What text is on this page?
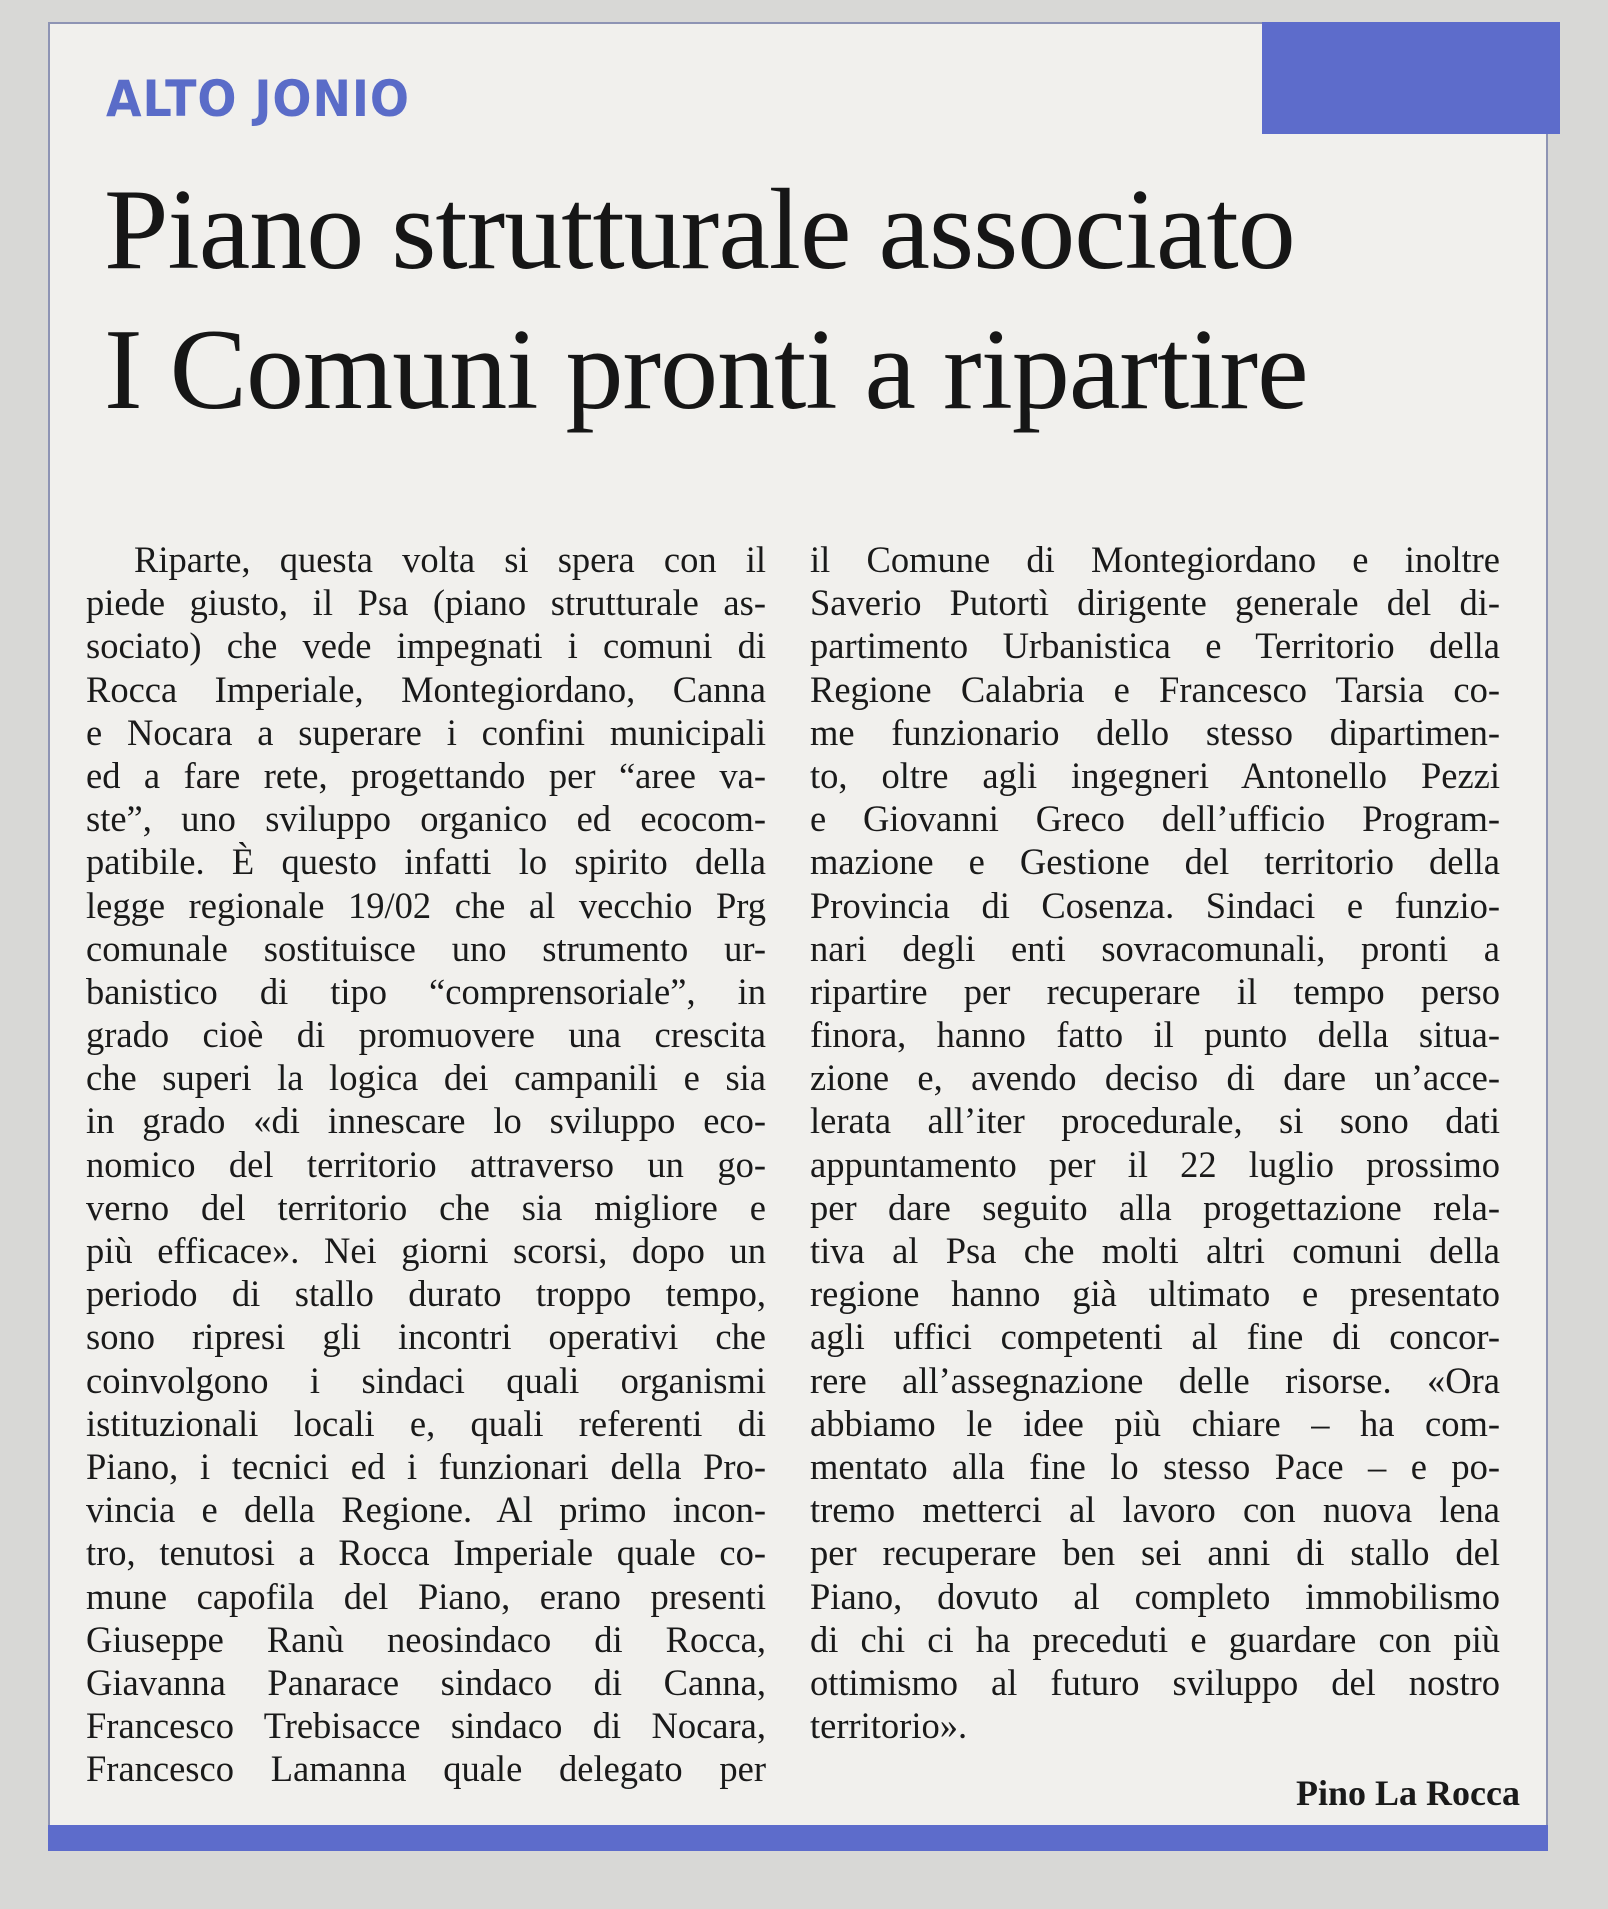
ALTO JONIO
Piano strutturale associato
I Comuni pronti a ripartire
Riparte, questa volta si spera con il
piede giusto, il Psa (piano strutturale as-
sociato) che vede impegnati i comuni di
Rocca Imperiale, Montegiordano, Canna
e Nocara a superare i confini municipali
ed a fare rete, progettando per “aree va-
ste”, uno sviluppo organico ed ecocom-
patibile. È questo infatti lo spirito della
legge regionale 19/02 che al vecchio Prg
comunale sostituisce uno strumento ur-
banistico di tipo “comprensoriale”, in
grado cioè di promuovere una crescita
che superi la logica dei campanili e sia
in grado «di innescare lo sviluppo eco-
nomico del territorio attraverso un go-
verno del territorio che sia migliore e
più efficace». Nei giorni scorsi, dopo un
periodo di stallo durato troppo tempo,
sono ripresi gli incontri operativi che
coinvolgono i sindaci quali organismi
istituzionali locali e, quali referenti di
Piano, i tecnici ed i funzionari della Pro-
vincia e della Regione. Al primo incon-
tro, tenutosi a Rocca Imperiale quale co-
mune capofila del Piano, erano presenti
Giuseppe Ranù neosindaco di Rocca,
Giavanna Panarace sindaco di Canna,
Francesco Trebisacce sindaco di Nocara,
Francesco Lamanna quale delegato per
il Comune di Montegiordano e inoltre
Saverio Putortì dirigente generale del di-
partimento Urbanistica e Territorio della
Regione Calabria e Francesco Tarsia co-
me funzionario dello stesso dipartimen-
to, oltre agli ingegneri Antonello Pezzi
e Giovanni Greco dell’ufficio Program-
mazione e Gestione del territorio della
Provincia di Cosenza. Sindaci e funzio-
nari degli enti sovracomunali, pronti a
ripartire per recuperare il tempo perso
finora, hanno fatto il punto della situa-
zione e, avendo deciso di dare un’acce-
lerata all’iter procedurale, si sono dati
appuntamento per il 22 luglio prossimo
per dare seguito alla progettazione rela-
tiva al Psa che molti altri comuni della
regione hanno già ultimato e presentato
agli uffici competenti al fine di concor-
rere all’assegnazione delle risorse. «Ora
abbiamo le idee più chiare – ha com-
mentato alla fine lo stesso Pace – e po-
tremo metterci al lavoro con nuova lena
per recuperare ben sei anni di stallo del
Piano, dovuto al completo immobilismo
di chi ci ha preceduti e guardare con più
ottimismo al futuro sviluppo del nostro
territorio».
Pino La Rocca
